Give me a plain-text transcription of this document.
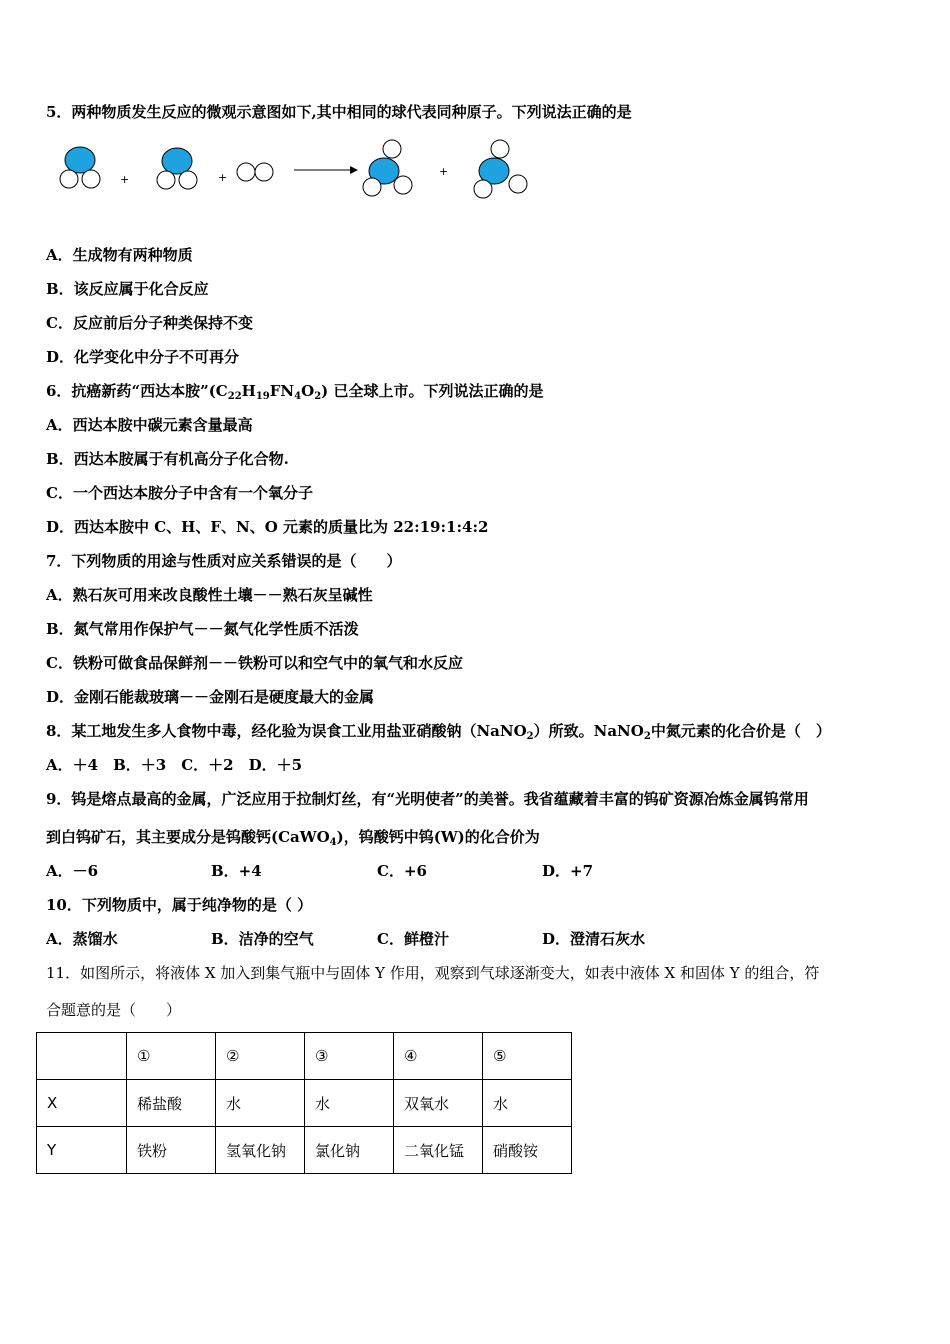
5．两种物质发生反应的微观示意图如下,其中相同的球代表同种原子。下列说法正确的是
+	+	+
A．生成物有两种物质
B．该反应属于化合反应
C．反应前后分子种类保持不变
D．化学变化中分子不可再分
6．抗癌新药“西达本胺$”(C_{22}H_{19}FN_4O_2)$ 已全球上市。下列说法正确的是
A．西达本胺中碳元素含量最高
B．西达本胺属于有机高分子化合物.
C．一个西达本胺分子中含有一个氧分子
D．西达本胺中 C、H、F、N、O 元素的质量比为 22:19:1:4:2
7．下列物质的用途与性质对应关系错误的是（　　）
A．熟石灰可用来改良酸性土壤－－熟石灰呈碱性
B．氮气常用作保护气－－氮气化学性质不活泼
C．铁粉可做食品保鲜剂－－铁粉可以和空气中的氧气和水反应
D．金刚石能裁玻璃－－金刚石是硬度最大的金属
8．某工地发生多人食物中毒，经化验为误食工业用盐亚硝酸钠（NaNO$_2$）所致。NaNO$_2$中氮元素的化合价是（　）
A．＋4　B．＋3　C．＋2　D．＋5
9．钨是熔点最高的金属，广泛应用于拉制灯丝，有“光明使者”的美誉。我省蕴藏着丰富的钨矿资源冶炼金属钨常用
到白钨矿石，其主要成分是钨酸钙(CaWO$_4$)，钨酸钙中钨(W)的化合价为
A．－6	B．+4	C．+6	D．+7
10．下列物质中，属于纯净物的是（ ）
A．蒸馏水	B．洁净的空气	C．鲜橙汁	D．澄清石灰水
11．如图所示，将液体 X 加入到集气瓶中与固体 Y 作用，观察到气球逐渐变大，如表中液体 X 和固体 Y 的组合，符
合题意的是（　　）
	①	②	③	④	⑤
X	稀盐酸	水	水	双氧水	水
Y	铁粉	氢氧化钠	氯化钠	二氧化锰	硝酸铵
